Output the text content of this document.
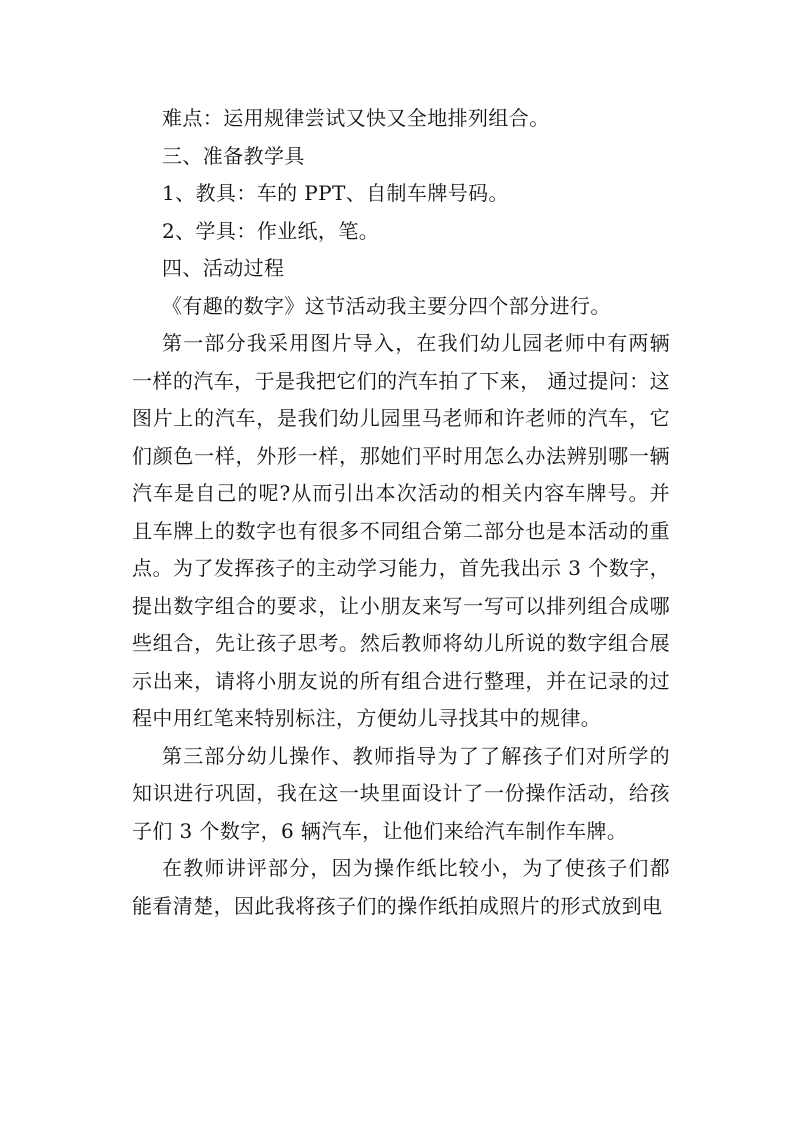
难点：运用规律尝试又快又全地排列组合。

三、准备教学具

1、教具：车的 PPT、自制车牌号码。

2、学具：作业纸，笔。

四、活动过程

《有趣的数字》这节活动我主要分四个部分进行。

第一部分我采用图片导入，在我们幼儿园老师中有两辆一样的汽车，于是我把它们的汽车拍了下来， 通过提问：这图片上的汽车，是我们幼儿园里马老师和许老师的汽车，它们颜色一样，外形一样，那她们平时用怎么办法辨别哪一辆汽车是自己的呢?从而引出本次活动的相关内容车牌号。并且车牌上的数字也有很多不同组合第二部分也是本活动的重点。为了发挥孩子的主动学习能力，首先我出示 3 个数字，提出数字组合的要求，让小朋友来写一写可以排列组合成哪些组合，先让孩子思考。然后教师将幼儿所说的数字组合展示出来，请将小朋友说的所有组合进行整理，并在记录的过程中用红笔来特别标注，方便幼儿寻找其中的规律。

第三部分幼儿操作、教师指导为了了解孩子们对所学的知识进行巩固，我在这一块里面设计了一份操作活动，给孩子们 3 个数字，6 辆汽车，让他们来给汽车制作车牌。

在教师讲评部分，因为操作纸比较小，为了使孩子们都能看清楚，因此我将孩子们的操作纸拍成照片的形式放到电
